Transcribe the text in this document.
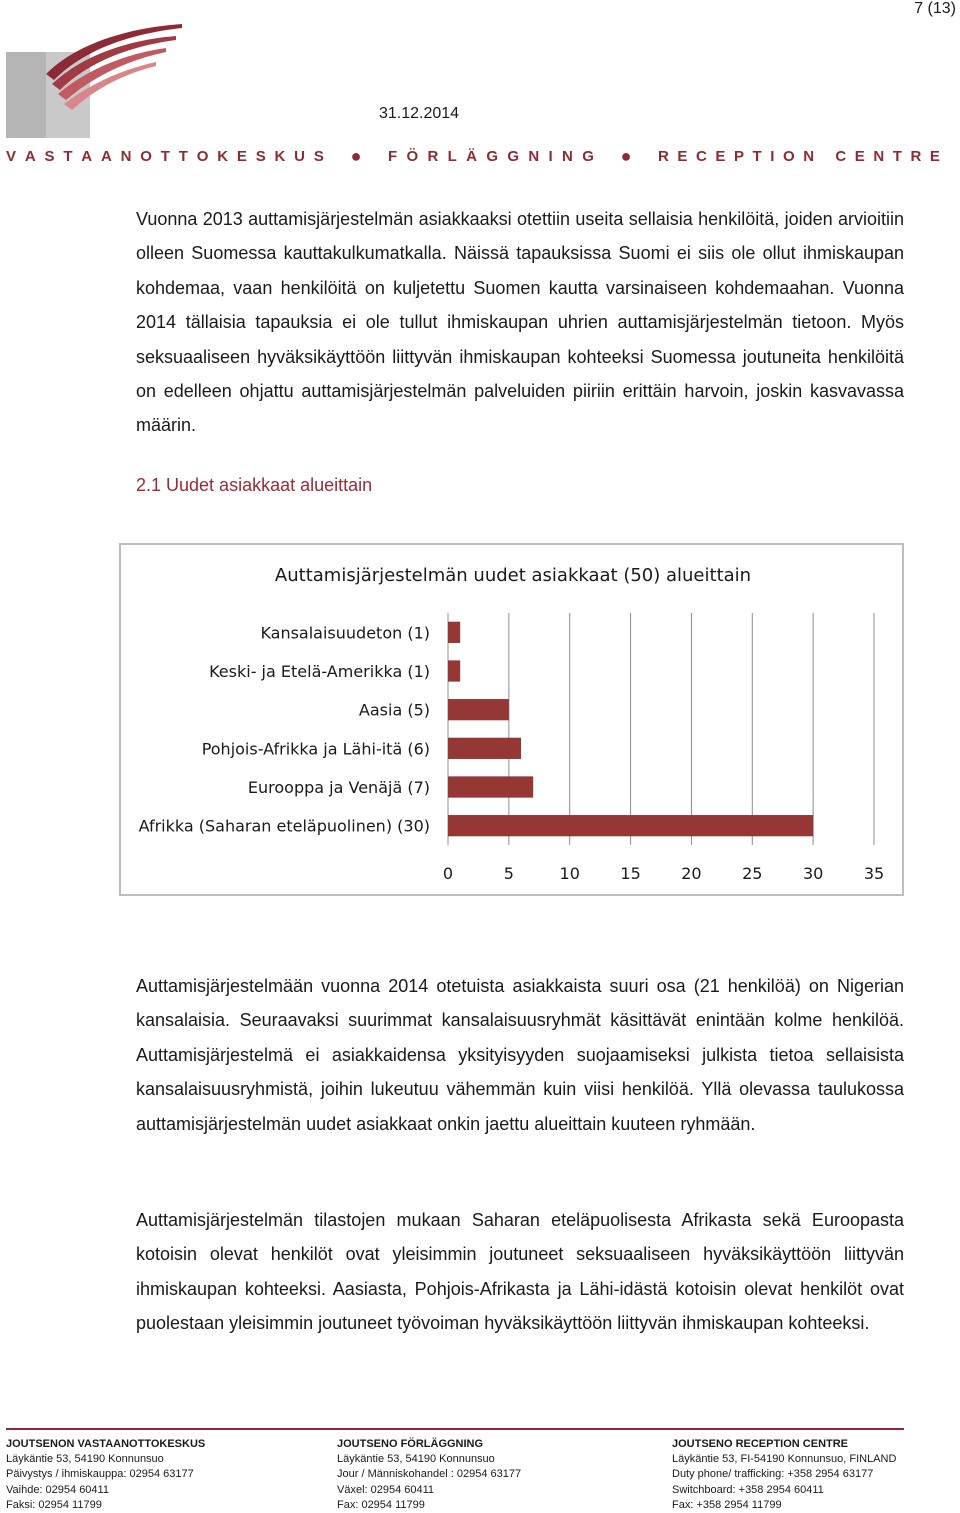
7 (13)
31.12.2014
V A S T A A N O T T O K E S K U S ● F Ö R L Ä G G N I N G ● R E C E P T I O N
C E N T R E

Vuonna 2013 auttamisjärjestelmän asiakkaaksi otettiin useita sellaisia henkilöitä, joiden arvioitiin olleen Suomessa kauttakulkumatkalla. Näissä tapauksissa Suomi ei siis ole ollut ihmiskaupan kohdemaa, vaan henkilöitä on kuljetettu Suomen kautta varsinaiseen kohdemaahan. Vuonna 2014 tällaisia tapauksia ei ole tullut ihmiskaupan uhrien auttamisjärjestelmän tietoon. Myös seksuaaliseen hyväksikäyttöön liittyvän ihmiskaupan kohteeksi Suomessa joutuneita henkilöitä on edelleen ohjattu auttamisjärjestelmän palveluiden piiriin erittäin harvoin, joskin kasvavassa määrin.

2.1 Uudet asiakkaat alueittain
Auttamisjärjestelmän uudet asiakkaat (50) alueittain
0	5	10	15	20	25	30	35
Kansalaisuudeton (1)
Keski- ja Etelä-Amerikka (1)
Aasia (5)
Pohjois-Afrikka ja Lähi-itä (6)
Eurooppa ja Venäjä (7)
Afrikka (Saharan eteläpuolinen) (30)

Auttamisjärjestelmään vuonna 2014 otetuista asiakkaista suuri osa (21 henkilöä) on Nigerian kansalaisia. Seuraavaksi suurimmat kansalaisuusryhmät käsittävät enintään kolme henkilöä. Auttamisjärjestelmä ei asiakkaidensa yksityisyyden suojaamiseksi julkista tietoa sellaisista kansalaisuusryhmistä, joihin lukeutuu vähemmän kuin viisi henkilöä. Yllä olevassa taulukossa auttamisjärjestelmän uudet asiakkaat onkin jaettu alueittain kuuteen ryhmään.

Auttamisjärjestelmän tilastojen mukaan Saharan eteläpuolisesta Afrikasta sekä Euroopasta kotoisin olevat henkilöt ovat yleisimmin joutuneet seksuaaliseen hyväksikäyttöön liittyvän ihmiskaupan kohteeksi. Aasiasta, Pohjois-Afrikasta ja Lähi-idästä kotoisin olevat henkilöt ovat puolestaan yleisimmin joutuneet työvoiman hyväksikäyttöön liittyvän ihmiskaupan kohteeksi.

JOUTSENON VASTAANOTTOKESKUS
Läykäntie 53, 54190 Konnunsuo
Päivystys / ihmiskauppa: 02954 63177
Vaihde: 02954 60411
Faksi: 02954 11799
JOUTSENO FÖRLÄGGNING
Läykäntie 53, 54190 Konnunsuo
Jour / Människohandel : 02954 63177
Växel: 02954 60411
Fax: 02954 11799
JOUTSENO RECEPTION CENTRE
Läykäntie 53, FI-54190 Konnunsuo, FINLAND
Duty phone/ trafficking: +358 2954 63177
Switchboard: +358 2954 60411
Fax: +358 2954 11799
